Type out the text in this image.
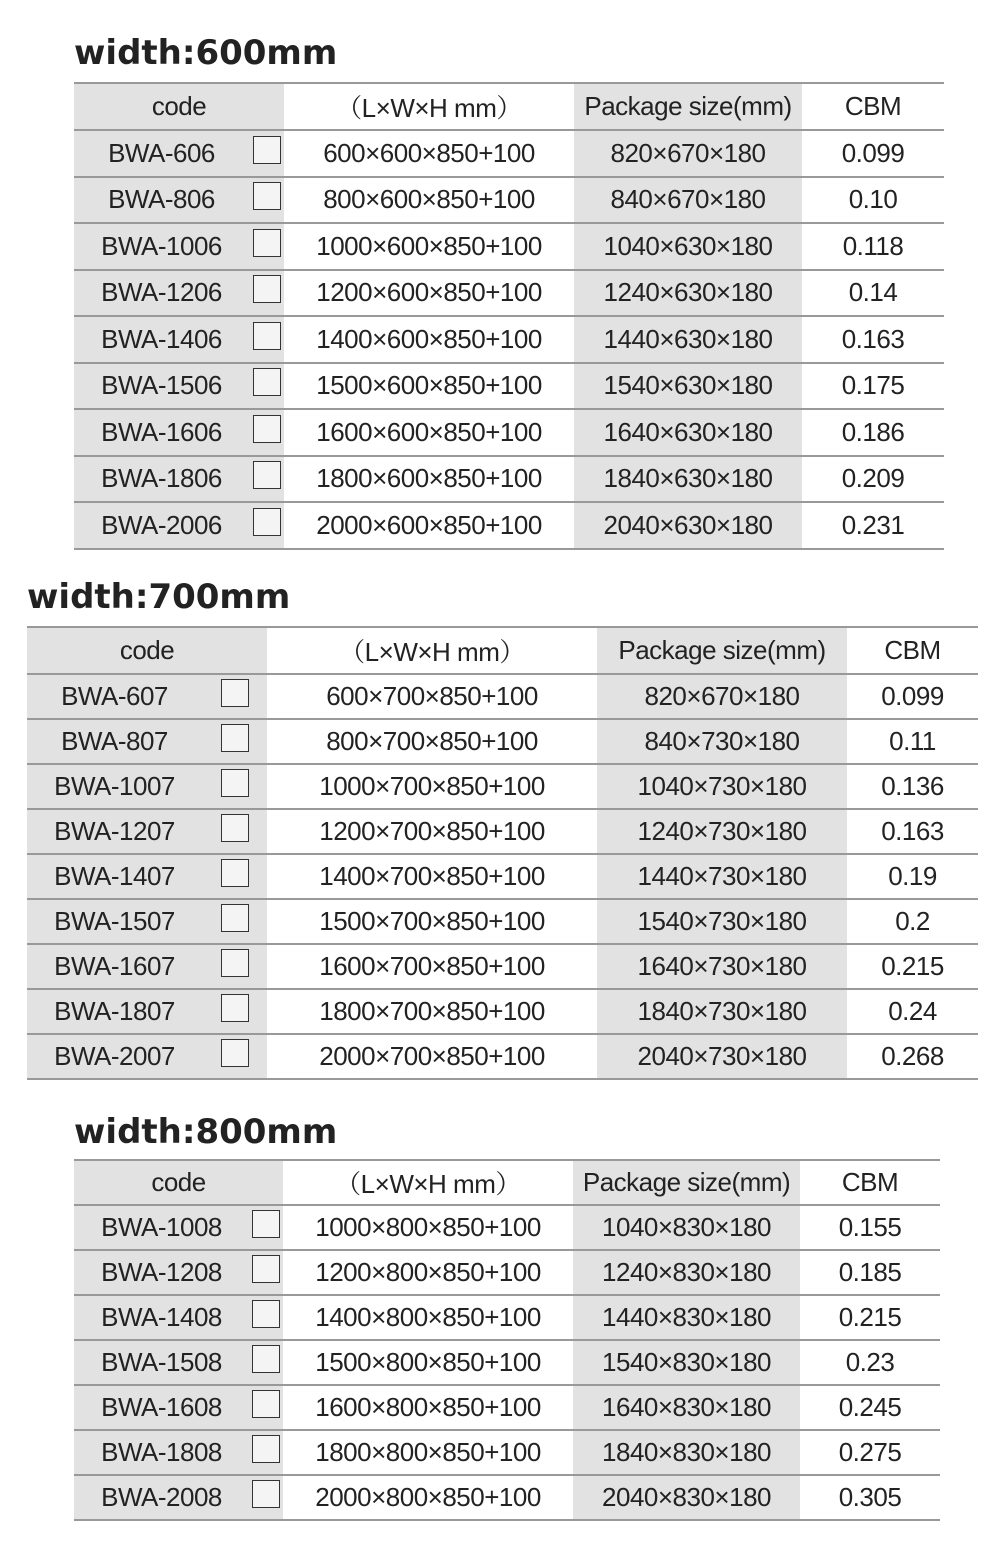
width:600mm
code		（L×W×H mm）	Package size(mm)	CBM
BWA-606		600×600×850+100	820×670×180	0.099
BWA-806		800×600×850+100	840×670×180	0.10
BWA-1006		1000×600×850+100	1040×630×180	0.118
BWA-1206		1200×600×850+100	1240×630×180	0.14
BWA-1406		1400×600×850+100	1440×630×180	0.163
BWA-1506		1500×600×850+100	1540×630×180	0.175
BWA-1606		1600×600×850+100	1640×630×180	0.186
BWA-1806		1800×600×850+100	1840×630×180	0.209
BWA-2006		2000×600×850+100	2040×630×180	0.231
width:700mm
code		（L×W×H mm）	Package size(mm)	CBM
BWA-607		600×700×850+100	820×670×180	0.099
BWA-807		800×700×850+100	840×730×180	0.11
BWA-1007		1000×700×850+100	1040×730×180	0.136
BWA-1207		1200×700×850+100	1240×730×180	0.163
BWA-1407		1400×700×850+100	1440×730×180	0.19
BWA-1507		1500×700×850+100	1540×730×180	0.2
BWA-1607		1600×700×850+100	1640×730×180	0.215
BWA-1807		1800×700×850+100	1840×730×180	0.24
BWA-2007		2000×700×850+100	2040×730×180	0.268
width:800mm
code		（L×W×H mm）	Package size(mm)	CBM
BWA-1008		1000×800×850+100	1040×830×180	0.155
BWA-1208		1200×800×850+100	1240×830×180	0.185
BWA-1408		1400×800×850+100	1440×830×180	0.215
BWA-1508		1500×800×850+100	1540×830×180	0.23
BWA-1608		1600×800×850+100	1640×830×180	0.245
BWA-1808		1800×800×850+100	1840×830×180	0.275
BWA-2008		2000×800×850+100	2040×830×180	0.305
